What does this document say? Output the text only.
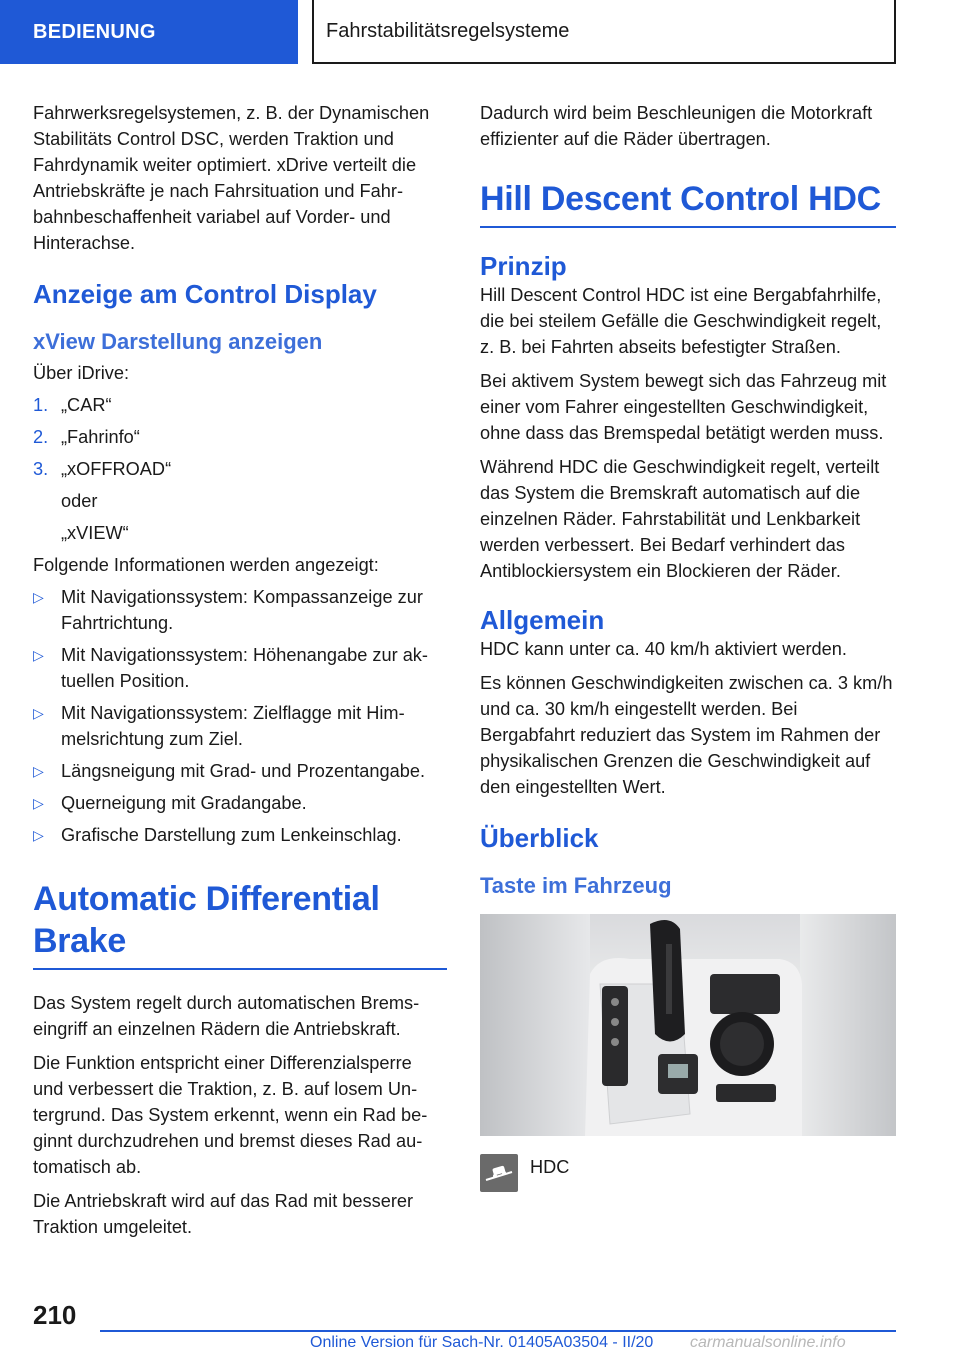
BEDIENUNG	Fahrstabilitätsregelsysteme

Fahrwerksregelsystemen, z. B. der Dynamischen Stabilitäts Control DSC, werden Traktion und Fahrdynamik weiter optimiert. xDrive verteilt die Antriebskräfte je nach Fahrsituation und Fahrbahnbeschaffenheit variabel auf Vorder- und Hinterachse.

Anzeige am Control Display
xView Darstellung anzeigen

Über iDrive:

1. „CAR“
2. „Fahrinfo“
3. „xOFFROAD“
oder
„xVIEW“

Folgende Informationen werden angezeigt:

▷ Mit Navigationssystem: Kompassanzeige zur Fahrtrichtung.
▷ Mit Navigationssystem: Höhenangabe zur aktuellen Position.
▷ Mit Navigationssystem: Zielflagge mit Himmelsrichtung zum Ziel.
▷ Längsneigung mit Grad- und Prozentangabe.
▷ Querneigung mit Gradangabe.
▷ Grafische Darstellung zum Lenkeinschlag.
Automatic Differential Brake

Das System regelt durch automatischen Bremseingriff an einzelnen Rädern die Antriebskraft.

Die Funktion entspricht einer Differenzialsperre und verbessert die Traktion, z. B. auf losem Untergrund. Das System erkennt, wenn ein Rad beginnt durchzudrehen und bremst dieses Rad automatisch ab.

Die Antriebskraft wird auf das Rad mit besserer Traktion umgeleitet.

Dadurch wird beim Beschleunigen die Motorkraft effizienter auf die Räder übertragen.

Hill Descent Control HDC
Prinzip

Hill Descent Control HDC ist eine Bergabfahrhilfe, die bei steilem Gefälle die Geschwindigkeit regelt, z. B. bei Fahrten abseits befestigter Straßen.

Bei aktivem System bewegt sich das Fahrzeug mit einer vom Fahrer eingestellten Geschwindigkeit, ohne dass das Bremspedal betätigt werden muss.

Während HDC die Geschwindigkeit regelt, verteilt das System die Bremskraft automatisch auf die einzelnen Räder. Fahrstabilität und Lenkbarkeit werden verbessert. Bei Bedarf verhindert das Antiblockiersystem ein Blockieren der Räder.

Allgemein

HDC kann unter ca. 40 km/h aktiviert werden.

Es können Geschwindigkeiten zwischen ca. 3 km/h und ca. 30 km/h eingestellt werden. Bei Bergabfahrt reduziert das System im Rahmen der physikalischen Grenzen die Geschwindigkeit auf den eingestellten Wert.

Überblick
Taste im Fahrzeug
HDC
210
Online Version für Sach-Nr. 01405A03504 - II/20 carmanualsonline.info
